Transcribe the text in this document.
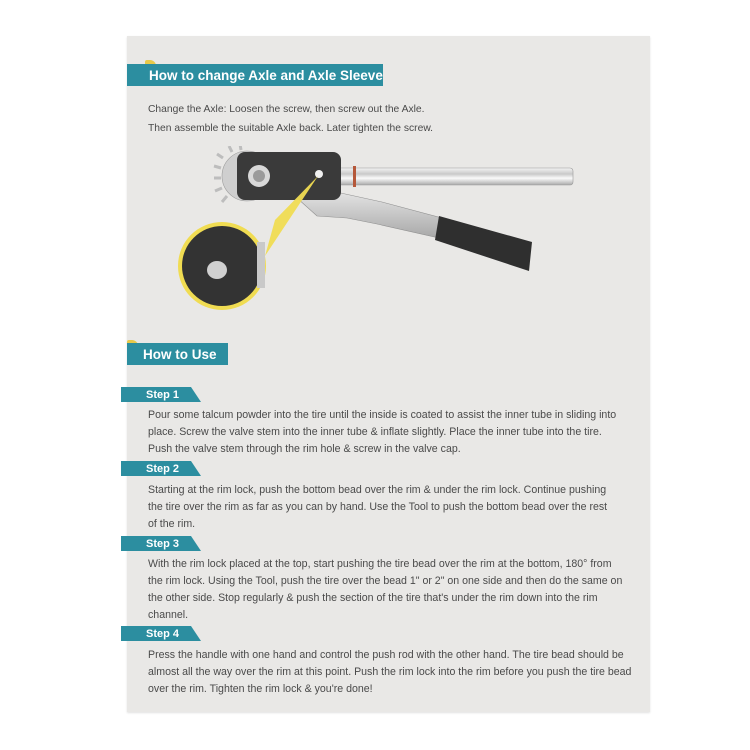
How to change Axle and Axle Sleeve
Change the Axle: Loosen the screw, then screw out the Axle.
Then assemble the suitable Axle back. Later tighten the screw.
How to Use
Step 1
Pour some talcum powder into the tire until the inside is coated to assist the inner tube in sliding into place. Screw the valve stem into the inner tube & inflate slightly. Place the inner tube into the tire. Push the valve stem through the rim hole & screw in the valve cap.
Step 2
Starting at the rim lock, push the bottom bead over the rim & under the rim lock. Continue pushing the tire over the rim as far as you can by hand. Use the Tool to push the bottom bead over the rest of the rim.
Step 3
With the rim lock placed at the top, start pushing the tire bead over the rim at the bottom, 180° from the rim lock. Using the Tool, push the tire over the bead 1" or 2" on one side and then do the same on the other side. Stop regularly & push the section of the tire that's under the rim down into the rim channel.
Step 4
Press the handle with one hand and control the push rod with the other hand. The tire bead should be almost all the way over the rim at this point. Push the rim lock into the rim before you push the tire bead over the rim. Tighten the rim lock & you're done!
